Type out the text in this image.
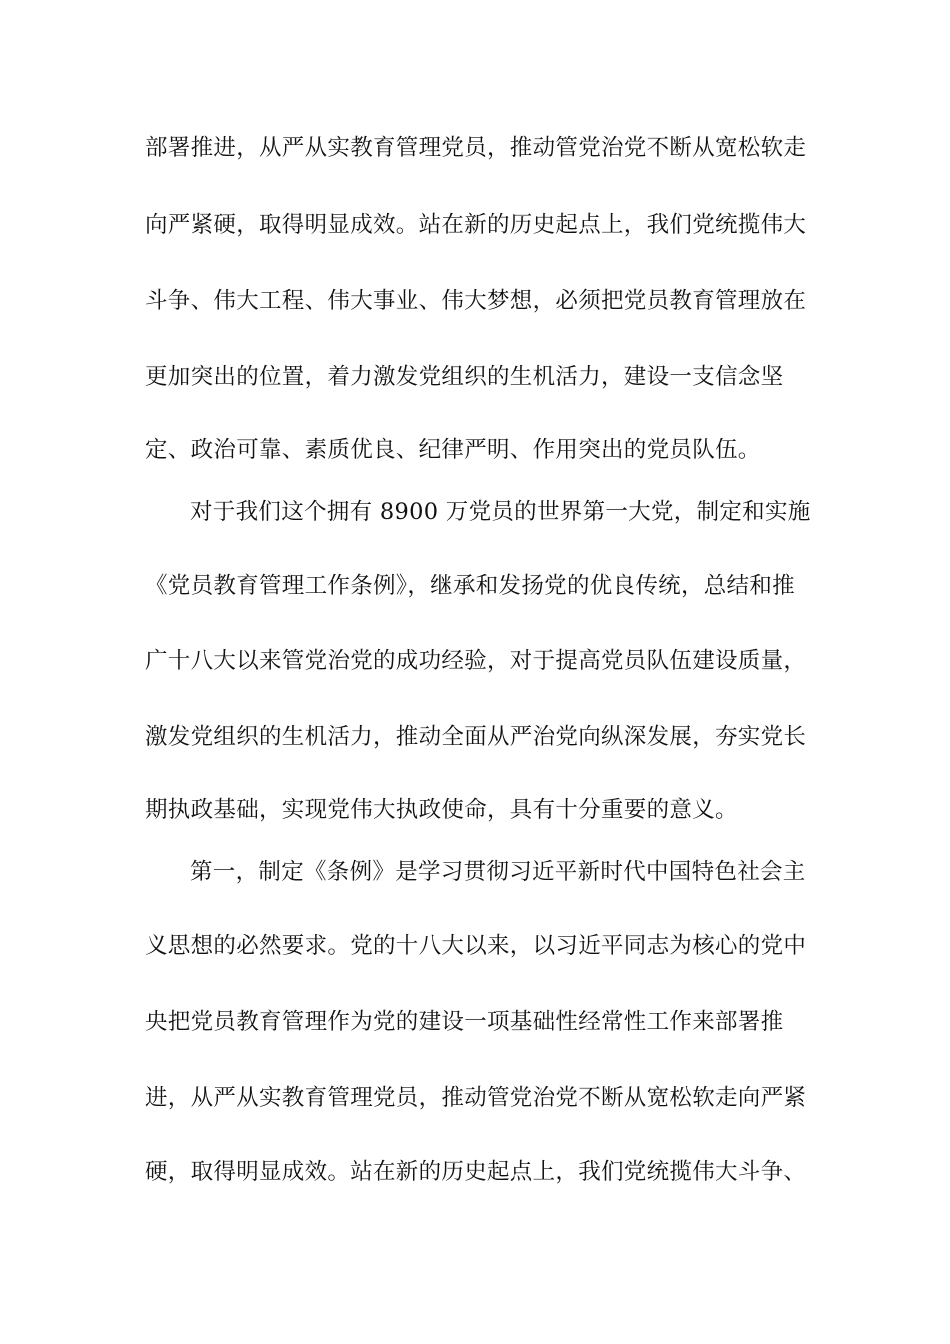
部署推进，从严从实教育管理党员，推动管党治党不断从宽松软走
向严紧硬，取得明显成效。站在新的历史起点上，我们党统揽伟大
斗争、伟大工程、伟大事业、伟大梦想，必须把党员教育管理放在
更加突出的位置，着力激发党组织的生机活力，建设一支信念坚
定、政治可靠、素质优良、纪律严明、作用突出的党员队伍。
对于我们这个拥有 8900 万党员的世界第一大党，制定和实施
《党员教育管理工作条例》，继承和发扬党的优良传统，总结和推
广十八大以来管党治党的成功经验，对于提高党员队伍建设质量，
激发党组织的生机活力，推动全面从严治党向纵深发展，夯实党长
期执政基础，实现党伟大执政使命，具有十分重要的意义。
第一，制定《条例》是学习贯彻习近平新时代中国特色社会主
义思想的必然要求。党的十八大以来，以习近平同志为核心的党中
央把党员教育管理作为党的建设一项基础性经常性工作来部署推
进，从严从实教育管理党员，推动管党治党不断从宽松软走向严紧
硬，取得明显成效。站在新的历史起点上，我们党统揽伟大斗争、
